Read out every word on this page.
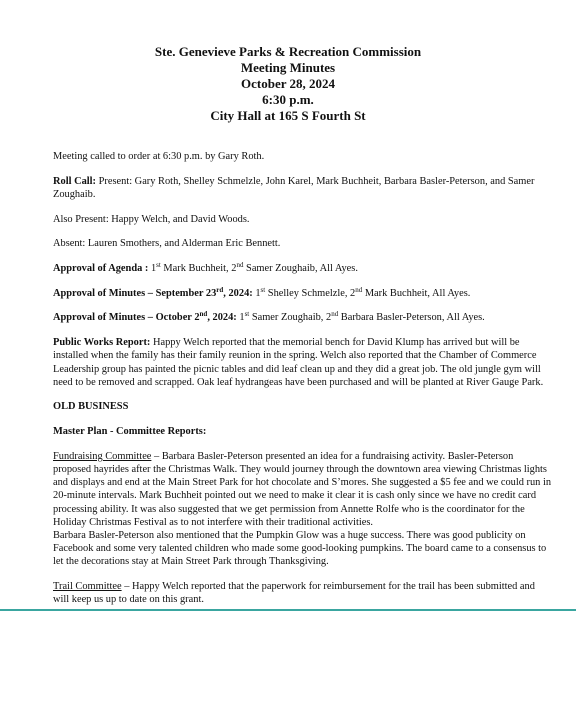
Ste. Genevieve Parks & Recreation Commission
Meeting Minutes
October 28, 2024
6:30 p.m.
City Hall at 165 S Fourth St

Meeting called to order at 6:30 p.m. by Gary Roth.

Roll Call: Present: Gary Roth, Shelley Schmelzle, John Karel, Mark Buchheit, Barbara Basler-Peterson, and Samer Zoughaib.

Also Present: Happy Welch, and David Woods.

Absent: Lauren Smothers, and Alderman Eric Bennett.

Approval of Agenda : 1st Mark Buchheit, 2nd Samer Zoughaib, All Ayes.

Approval of Minutes – September 23rd, 2024: 1st Shelley Schmelzle, 2nd Mark Buchheit, All Ayes.

Approval of Minutes – October 2nd, 2024: 1st Samer Zoughaib, 2nd Barbara Basler-Peterson, All Ayes.

Public Works Report: Happy Welch reported that the memorial bench for David Klump has arrived but will be installed when the family has their family reunion in the spring. Welch also reported that the Chamber of Commerce Leadership group has painted the picnic tables and did leaf clean up and they did a great job. The old jungle gym will need to be removed and scrapped. Oak leaf hydrangeas have been purchased and will be planted at River Gauge Park.

OLD BUSINESS

Master Plan - Committee Reports:

Fundraising Committee – Barbara Basler-Peterson presented an idea for a fundraising activity. Basler-Peterson proposed hayrides after the Christmas Walk. They would journey through the downtown area viewing Christmas lights and displays and end at the Main Street Park for hot chocolate and S’mores. She suggested a $5 fee and we could run in 20-minute intervals. Mark Buchheit pointed out we need to make it clear it is cash only since we have no credit card processing ability. It was also suggested that we get permission from Annette Rolfe who is the coordinator for the Holiday Christmas Festival as to not interfere with their traditional activities.

Barbara Basler-Peterson also mentioned that the Pumpkin Glow was a huge success. There was good publicity on Facebook and some very talented children who made some good-looking pumpkins. The board came to a consensus to let the decorations stay at Main Street Park through Thanksgiving.

Trail Committee – Happy Welch reported that the paperwork for reimbursement for the trail has been submitted and will keep us up to date on this grant.
